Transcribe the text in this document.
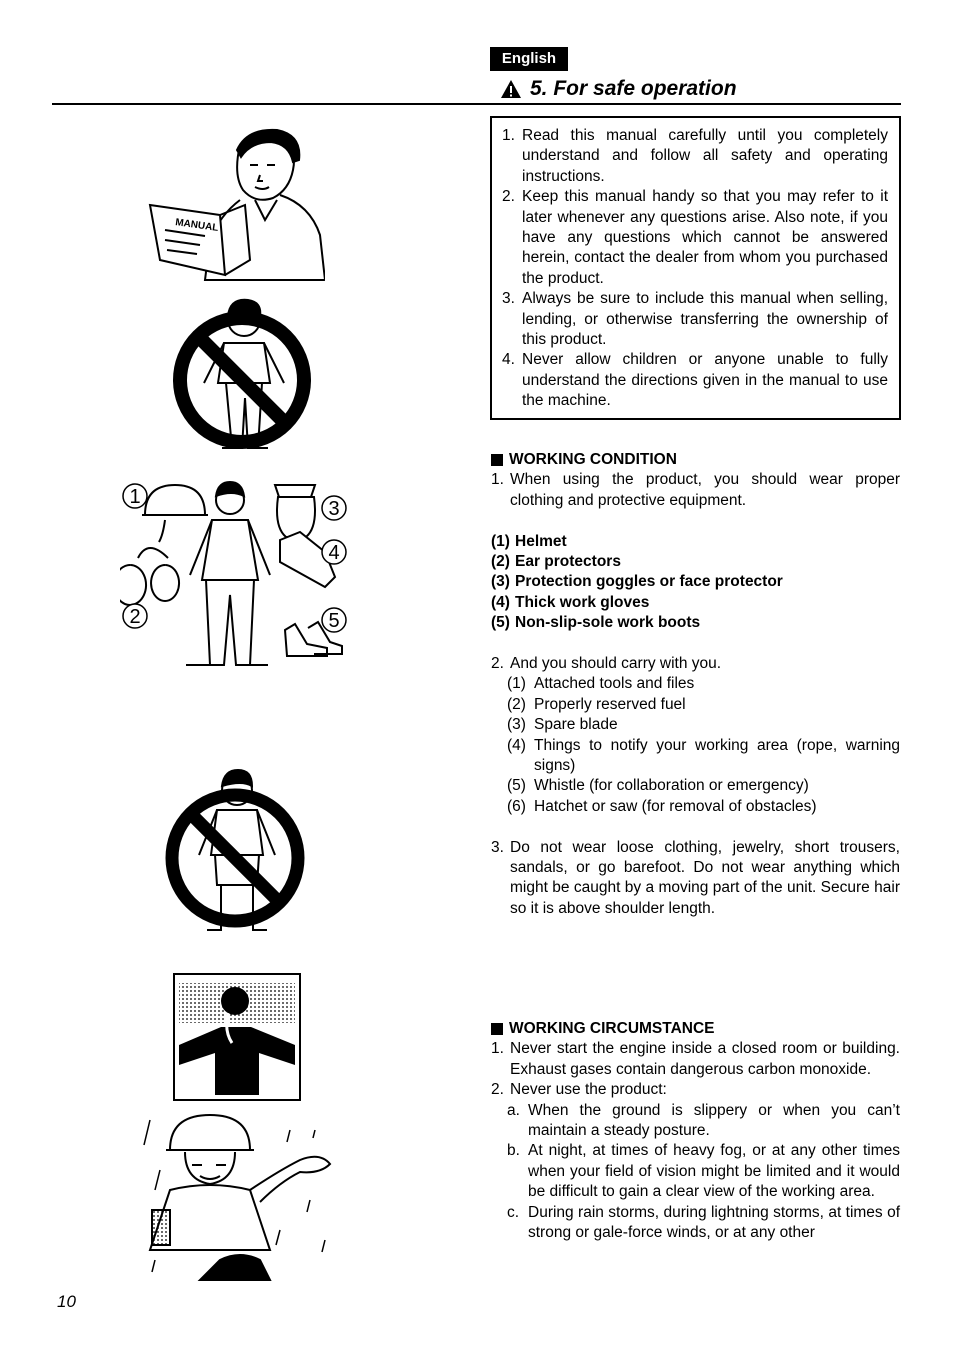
English
5. For safe operation
1. Read this manual carefully until you completely understand and follow all safety and operating instructions.
2. Keep this manual handy so that you may refer to it later whenever any questions arise. Also note, if you have any questions which cannot be answered herein, contact the dealer from whom you purchased the product.
3. Always be sure to include this manual when selling, lending, or otherwise transferring the ownership of this product.
4. Never allow children or anyone unable to fully understand the directions given in the manual to use the machine.
WORKING CONDITION
1. When using the product, you should wear proper clothing and protective equipment.
(1) Helmet
(2) Ear protectors
(3) Protection goggles or face protector
(4) Thick work gloves
(5) Non-slip-sole work boots
2. And you should carry with you.
(1) Attached tools and files
(2) Properly reserved fuel
(3) Spare blade
(4) Things to notify your working area (rope, warning signs)
(5) Whistle (for collaboration or emergency)
(6) Hatchet or saw (for removal of obstacles)
3. Do not wear loose clothing, jewelry, short trousers, sandals, or go barefoot. Do not wear anything which might be caught by a moving part of the unit. Secure hair so it is above shoulder length.
WORKING CIRCUMSTANCE
1. Never start the engine inside a closed room or building. Exhaust gases contain dangerous carbon monoxide.
2. Never use the product:
a. When the ground is slippery or when you can’t maintain a steady posture.
b. At night, at times of heavy fog, or at any other times when your field of vision might be limited and it would be difficult to gain a clear view of the working area.
c. During rain storms, during lightning storms, at times of strong or gale-force winds, or at any other
MANUAL
1
2
3
4
5
10
